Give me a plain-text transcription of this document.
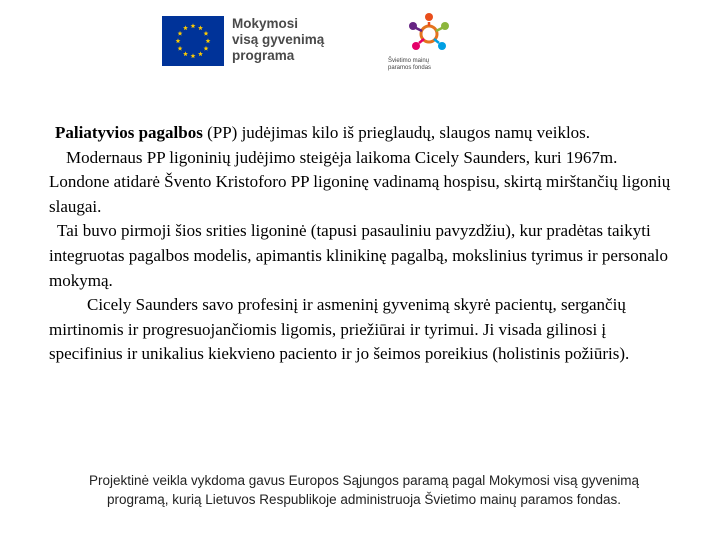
Mokymosi
visą gyvenimą
programa	Švietimo mainų
paramos fondas

Paliatyvios pagalbos (PP) judėjimas kilo iš prieglaudų, slaugos namų veiklos.

Modernaus PP ligoninių judėjimo steigėja laikoma Cicely Saunders, kuri 1967m. Londone atidarė Švento Kristoforo PP ligoninę vadinamą hospisu, skirtą mirštančių ligonių slaugai.

Tai buvo pirmoji šios srities ligoninė (tapusi pasauliniu pavyzdžiu), kur pradėtas taikyti integruotas pagalbos modelis, apimantis klinikinę pagalbą, mokslinius tyrimus ir personalo mokymą.

Cicely Saunders savo profesinį ir asmeninį gyvenimą skyrė pacientų, sergančių mirtinomis ir progresuojančiomis ligomis, priežiūrai ir tyrimui. Ji visada gilinosi į specifinius ir unikalius kiekvieno paciento ir jo šeimos poreikius (holistinis požiūris).

Projektinė veikla vykdoma gavus Europos Sąjungos paramą pagal Mokymosi visą gyvenimą
programą, kurią Lietuvos Respublikoje administruoja Švietimo mainų paramos fondas.
